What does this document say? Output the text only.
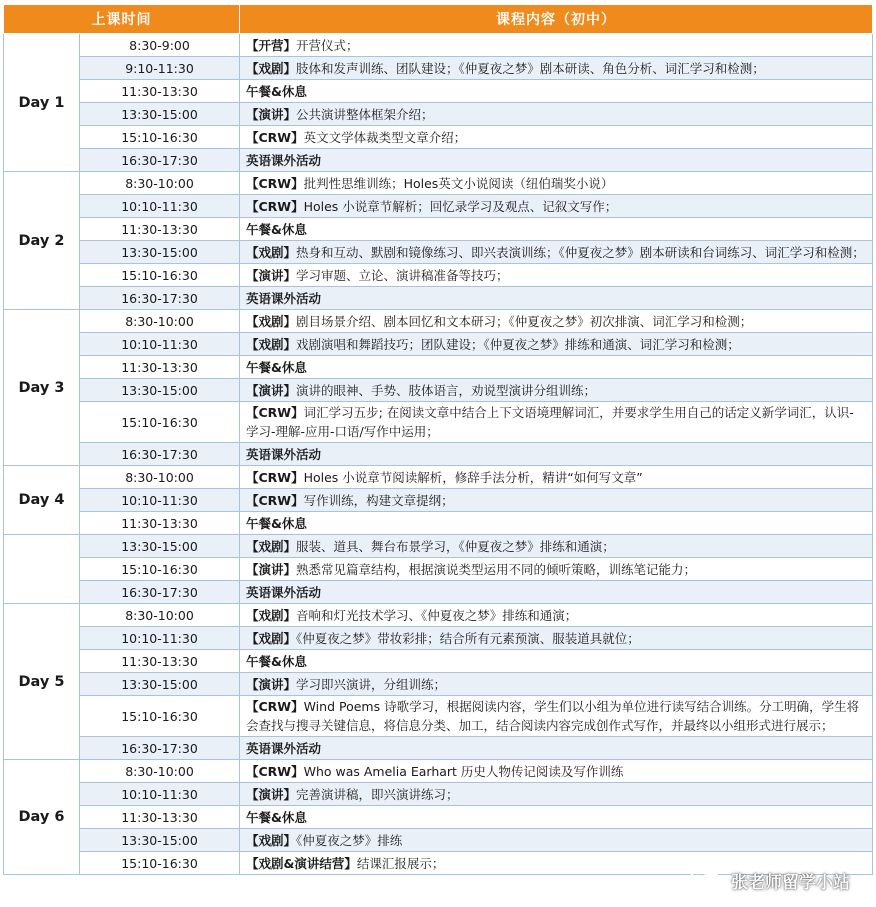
上课时间		课程内容（初中）
Day 1	8:30-9:00	【开营】开营仪式；
	9:10-11:30	【戏剧】肢体和发声训练、团队建设；《仲夏夜之梦》剧本研读、角色分析、词汇学习和检测；
	11:30-13:30	午餐&休息
	13:30-15:00	【演讲】公共演讲整体框架介绍；
	15:10-16:30	【CRW】英文文学体裁类型文章介绍；
	16:30-17:30	英语课外活动
Day 2	8:30-10:00	【CRW】批判性思维训练；Holes英文小说阅读（纽伯瑞奖小说）
	10:10-11:30	【CRW】Holes 小说章节解析；回忆录学习及观点、记叙文写作；
	11:30-13:30	午餐&休息
	13:30-15:00	【戏剧】热身和互动、默剧和镜像练习、即兴表演训练；《仲夏夜之梦》剧本研读和台词练习、词汇学习和检测；
	15:10-16:30	【演讲】学习审题、立论、演讲稿准备等技巧；
	16:30-17:30	英语课外活动
Day 3	8:30-10:00	【戏剧】剧目场景介绍、剧本回忆和文本研习；《仲夏夜之梦》初次排演、词汇学习和检测；
	10:10-11:30	【戏剧】戏剧演唱和舞蹈技巧；团队建设；《仲夏夜之梦》排练和通演、词汇学习和检测；
	11:30-13:30	午餐&休息
	13:30-15:00	【演讲】演讲的眼神、手势、肢体语言，劝说型演讲分组训练；
	15:10-16:30	【CRW】词汇学习五步; 在阅读文章中结合上下文语境理解词汇，并要求学生用自己的话定义新学词汇，认识-学习-理解-应用-口语/写作中运用；
	16:30-17:30	英语课外活动
Day 4	8:30-10:00	【CRW】Holes 小说章节阅读解析，修辞手法分析，精讲“如何写文章”
	10:10-11:30	【CRW】写作训练，构建文章提纲；
	11:30-13:30	午餐&休息
	13:30-15:00	【戏剧】服装、道具、舞台布景学习，《仲夏夜之梦》排练和通演；
	15:10-16:30	【演讲】熟悉常见篇章结构，根据演说类型运用不同的倾听策略，训练笔记能力；
	16:30-17:30	英语课外活动
Day 5	8:30-10:00	【戏剧】音响和灯光技术学习、《仲夏夜之梦》排练和通演；
	10:10-11:30	【戏剧】《仲夏夜之梦》带妆彩排；结合所有元素预演、服装道具就位；
	11:30-13:30	午餐&休息
	13:30-15:00	【演讲】学习即兴演讲，分组训练；
	15:10-16:30	【CRW】Wind Poems 诗歌学习，根据阅读内容，学生们以小组为单位进行读写结合训练。分工明确，学生将会查找与搜寻关键信息，将信息分类、加工，结合阅读内容完成创作式写作，并最终以小组形式进行展示；
	16:30-17:30	英语课外活动
Day 6	8:30-10:00	【CRW】Who was Amelia Earhart 历史人物传记阅读及写作训练
	10:10-11:30	【演讲】完善演讲稿，即兴演讲练习；
	11:30-13:30	午餐&休息
	13:30-15:00	【戏剧】《仲夏夜之梦》排练
	15:10-16:30	【戏剧&演讲结营】结课汇报展示；
张老师留学小站
